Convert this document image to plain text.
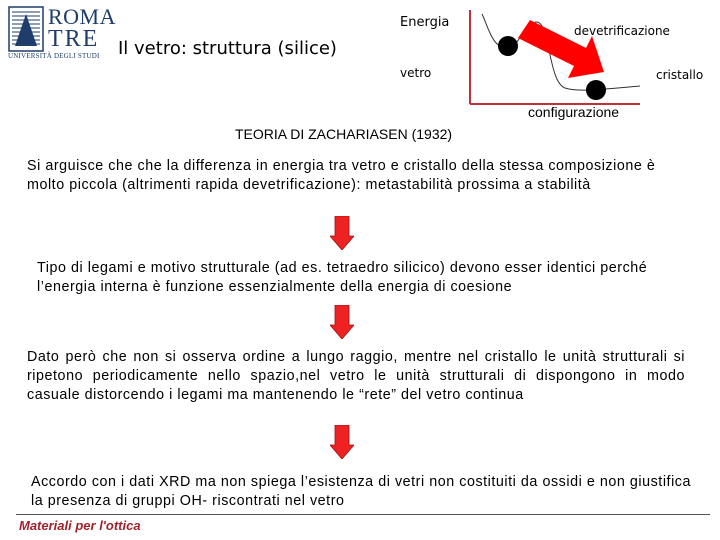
ROMA
TRE
UNIVERSITÀ DEGLI STUDI Il vetro: struttura (silice)
Energia
vetro
devetrificazione
cristallo
configurazione
TEORIA DI ZACHARIASEN (1932)
Si arguisce che che la differenza in energia tra vetro e cristallo della stessa composizione è molto piccola (altrimenti rapida devetrificazione): metastabilità prossima a stabilità
Tipo di legami e motivo strutturale (ad es. tetraedro silicico) devono esser identici perché l’energia interna è funzione essenzialmente della energia di coesione
Dato però che non si osserva ordine a lungo raggio, mentre nel cristallo le unità strutturali si ripetono periodicamente nello spazio,nel vetro le unità strutturali di dispongono in modo casuale distorcendo i legami ma mantenendo le “rete” del vetro continua
Accordo con i dati XRD ma non spiega l’esistenza di vetri non costituiti da ossidi e non giustifica la presenza di gruppi OH- riscontrati nel vetro
Materiali per l'ottica
